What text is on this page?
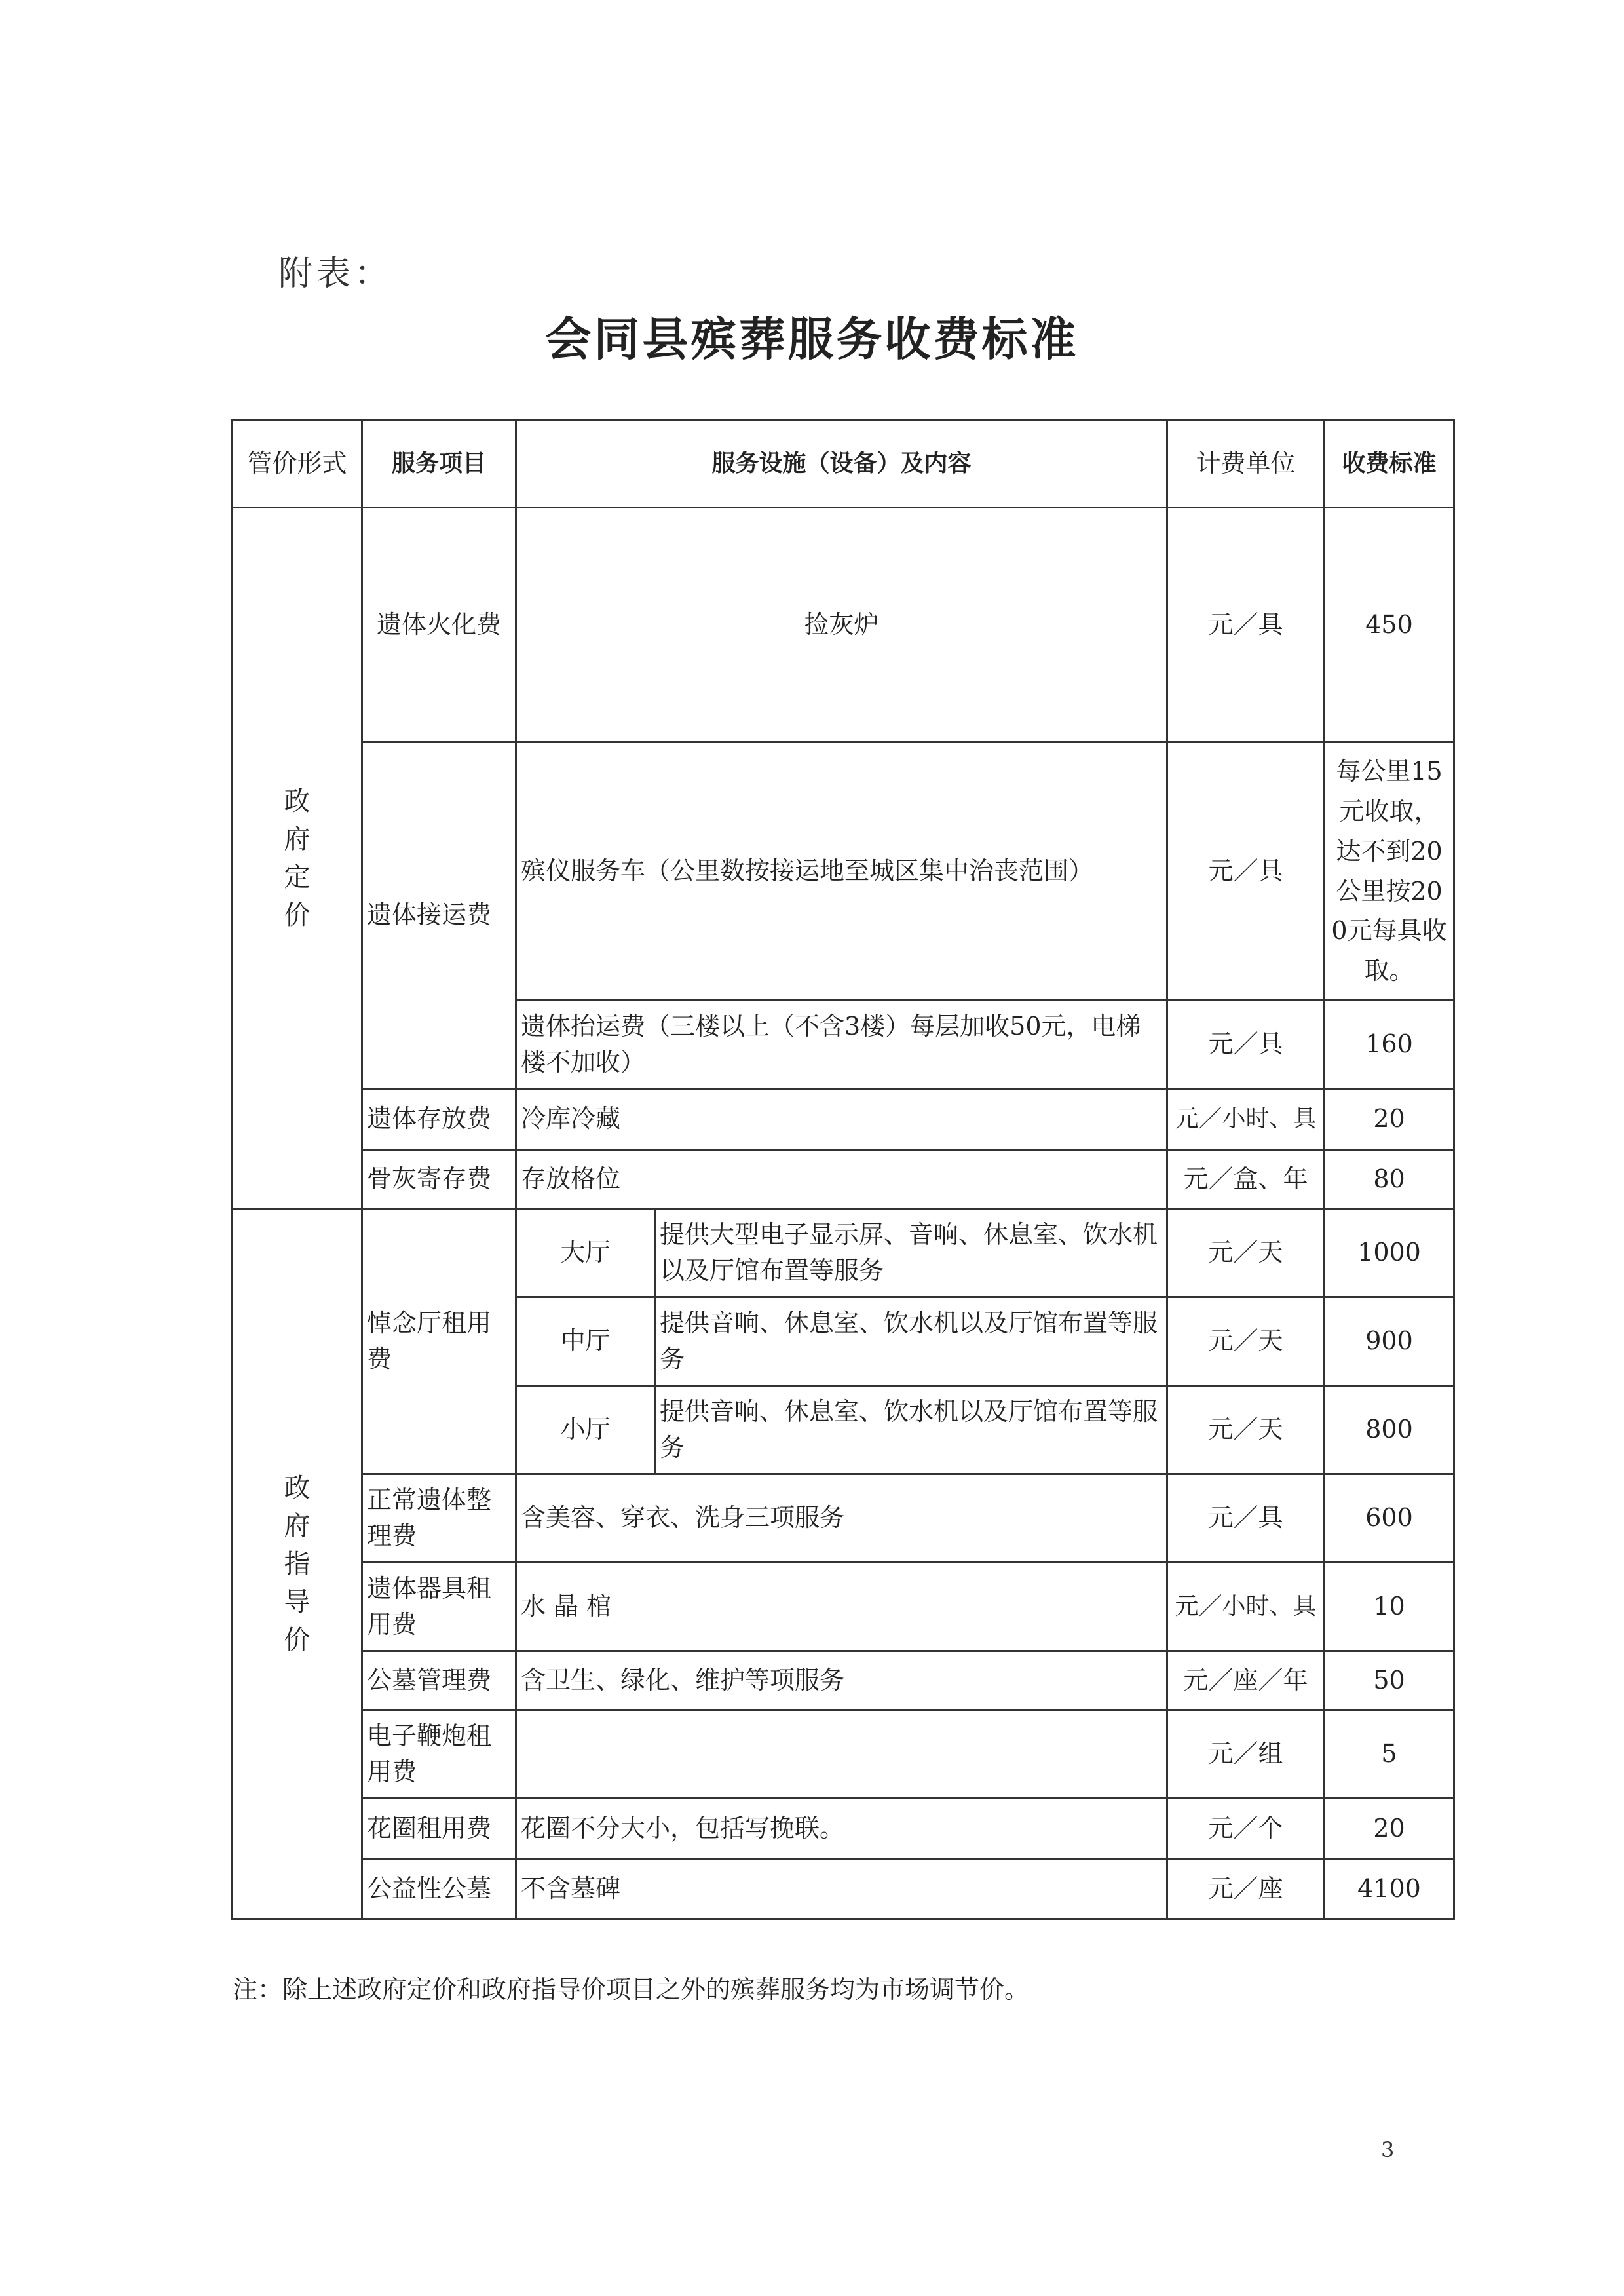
附表：
会同县殡葬服务收费标准
管价形式	服务项目	服务设施（设备）及内容		计费单位	收费标准

政府定价	遗体火化费	捡灰炉		元／具	450
	遗体接运费	殡仪服务车（公里数按接运地至城区集中治丧范围）		元／具	每公里15元收取，达不到20公里按200元每具收取。
		遗体抬运费（三楼以上（不含3楼）每层加收50元，电梯楼不加收）		元／具	160
	遗体存放费	冷库冷藏		元／小时、具	20
	骨灰寄存费	存放格位		元／盒、年	80

政府指导价	悼念厅租用费	大厅	提供大型电子显示屏、音响、休息室、饮水机以及厅馆布置等服务	元／天	1000
		中厅	提供音响、休息室、饮水机以及厅馆布置等服务	元／天	900
		小厅	提供音响、休息室、饮水机以及厅馆布置等服务	元／天	800
	正常遗体整理费	含美容、穿衣、洗身三项服务		元／具	600
	遗体器具租用费	水 晶 棺		元／小时、具	10
	公墓管理费	含卫生、绿化、维护等项服务		元／座／年	50
	电子鞭炮租用费			元／组	5
	花圈租用费	花圈不分大小，包括写挽联。		元／个	20
	公益性公墓	不含墓碑		元／座	4100
注：除上述政府定价和政府指导价项目之外的殡葬服务均为市场调节价。
3
